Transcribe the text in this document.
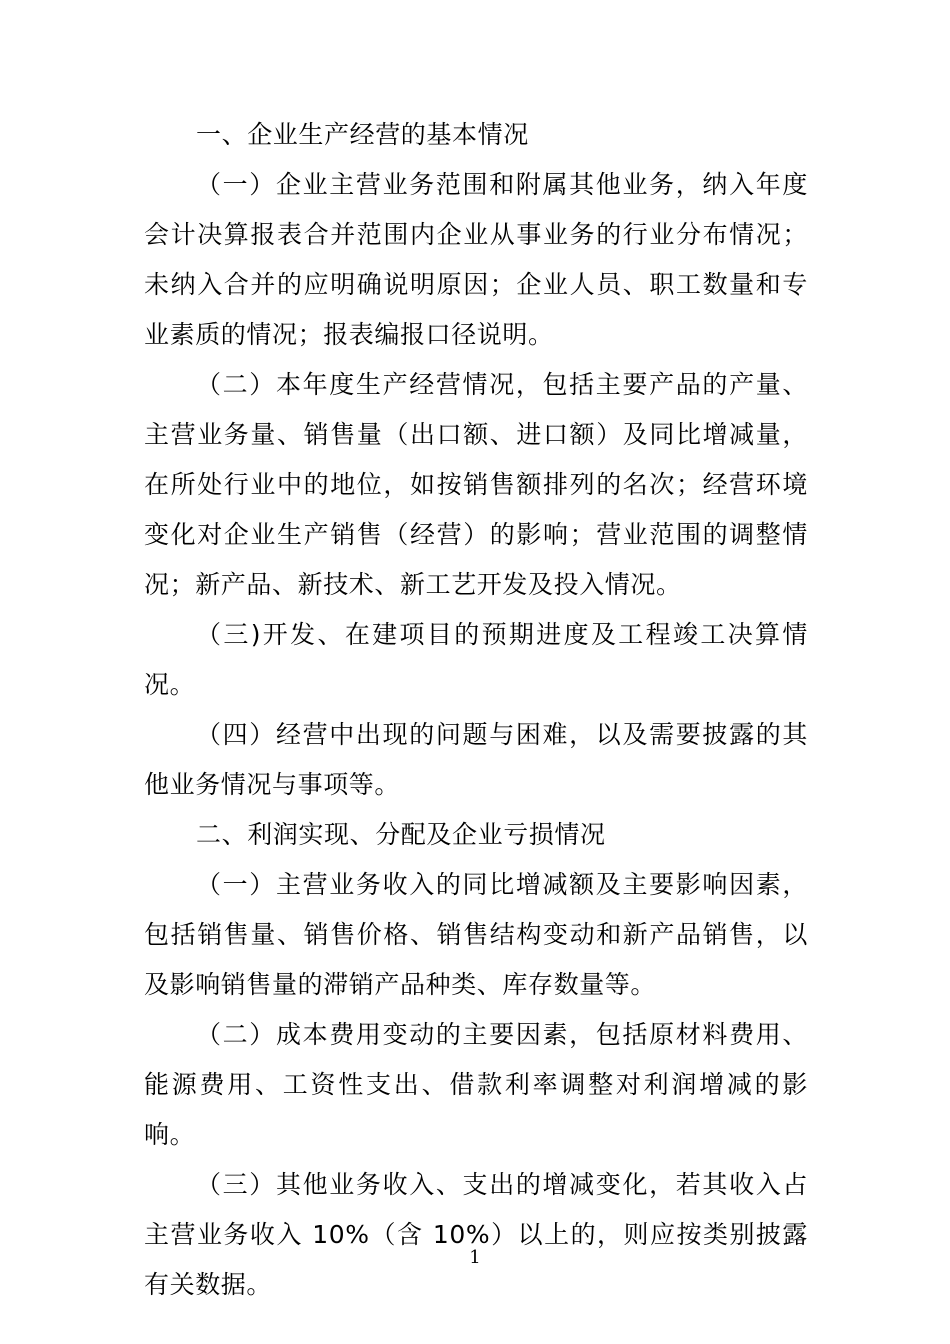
一、企业生产经营的基本情况

（一）企业主营业务范围和附属其他业务，纳入年度会计决算报表合并范围内企业从事业务的行业分布情况；未纳入合并的应明确说明原因；企业人员、职工数量和专业素质的情况；报表编报口径说明。

（二）本年度生产经营情况，包括主要产品的产量、主营业务量、销售量（出口额、进口额）及同比增减量，在所处行业中的地位，如按销售额排列的名次；经营环境变化对企业生产销售（经营）的影响；营业范围的调整情况；新产品、新技术、新工艺开发及投入情况。

（三)开发、在建项目的预期进度及工程竣工决算情况。

（四）经营中出现的问题与困难，以及需要披露的其他业务情况与事项等。

二、利润实现、分配及企业亏损情况

（一）主营业务收入的同比增减额及主要影响因素，包括销售量、销售价格、销售结构变动和新产品销售，以及影响销售量的滞销产品种类、库存数量等。

（二）成本费用变动的主要因素，包括原材料费用、能源费用、工资性支出、借款利率调整对利润增减的影响。

（三）其他业务收入、支出的增减变化，若其收入占主营业务收入 10%（含 10%）以上的，则应按类别披露有关数据。

1
